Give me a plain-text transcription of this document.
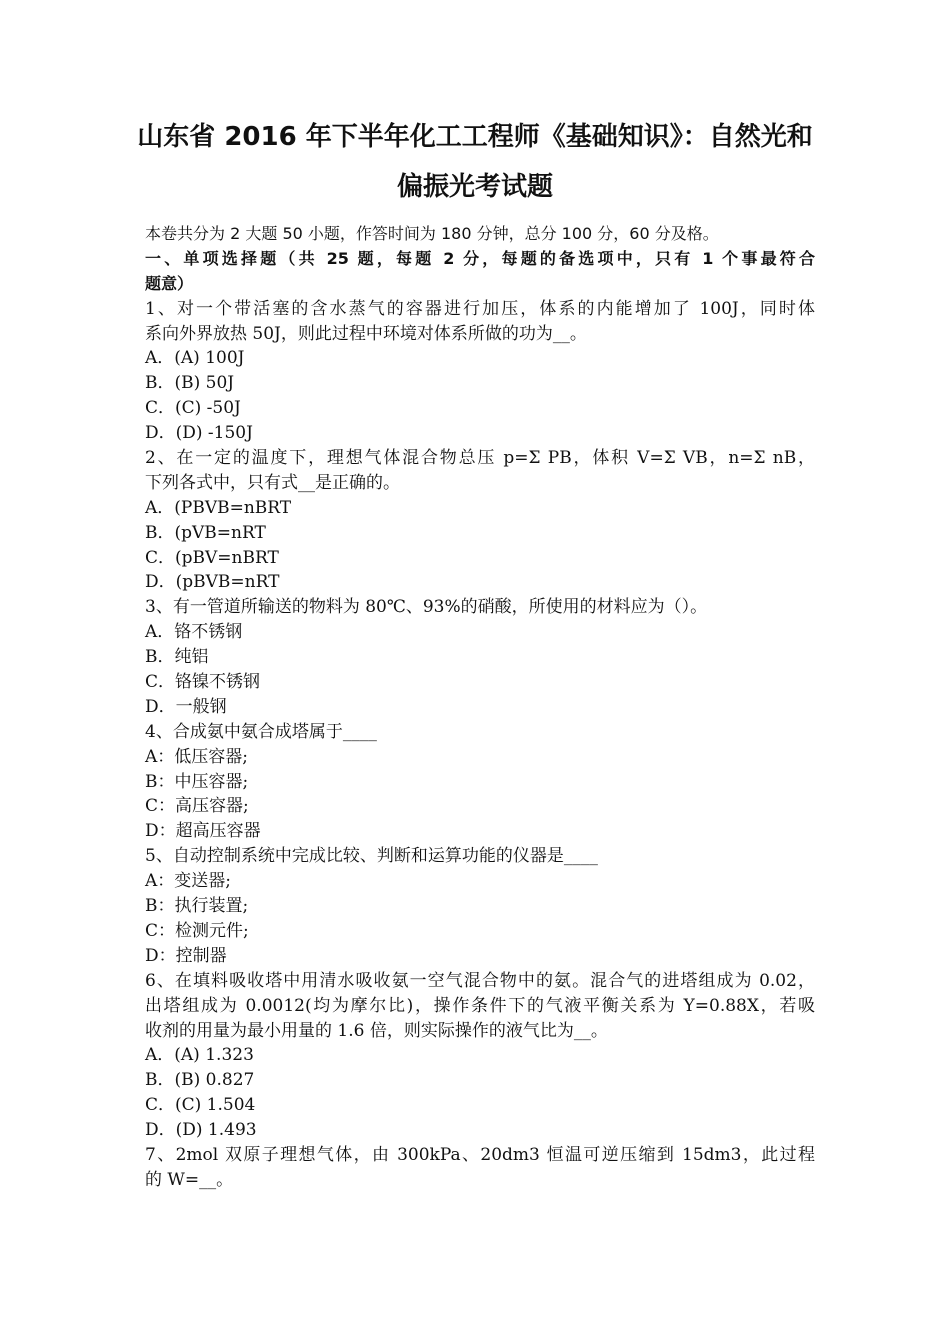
山东省 2016 年下半年化工工程师《基础知识》：自然光和
偏振光考试题
本卷共分为 2 大题 50 小题，作答时间为 180 分钟，总分 100 分，60 分及格。
一、单项选择题（共 25 题，每题 2 分，每题的备选项中，只有 1 个事最符合
题意）
1、对一个带活塞的含水蒸气的容器进行加压，体系的内能增加了 100J，同时体
系向外界放热 50J，则此过程中环境对体系所做的功为__。
A．(A) 100J
B．(B) 50J
C．(C) -50J
D．(D) -150J
2、在一定的温度下，理想气体混合物总压 p=Σ PB，体积 V=Σ VB，n=Σ nB，
下列各式中，只有式__是正确的。
A．(PBVB=nBRT
B．(pVB=nRT
C．(pBV=nBRT
D．(pBVB=nRT
3、有一管道所输送的物料为 80℃、93%的硝酸，所使用的材料应为（）。
A．铬不锈钢
B．纯铝
C．铬镍不锈钢
D．一般钢
4、合成氨中氨合成塔属于____
A：低压容器;
B：中压容器;
C：高压容器;
D：超高压容器
5、自动控制系统中完成比较、判断和运算功能的仪器是____
A：变送器;
B：执行装置;
C：检测元件;
D：控制器
6、在填料吸收塔中用清水吸收氨一空气混合物中的氨。混合气的进塔组成为 0.02，
出塔组成为 0.0012(均为摩尔比)，操作条件下的气液平衡关系为 Y=0.88X，若吸
收剂的用量为最小用量的 1.6 倍，则实际操作的液气比为__。
A．(A) 1.323
B．(B) 0.827
C．(C) 1.504
D．(D) 1.493
7、2mol 双原子理想气体，由 300kPa、20dm3 恒温可逆压缩到 15dm3，此过程
的 W=__。
